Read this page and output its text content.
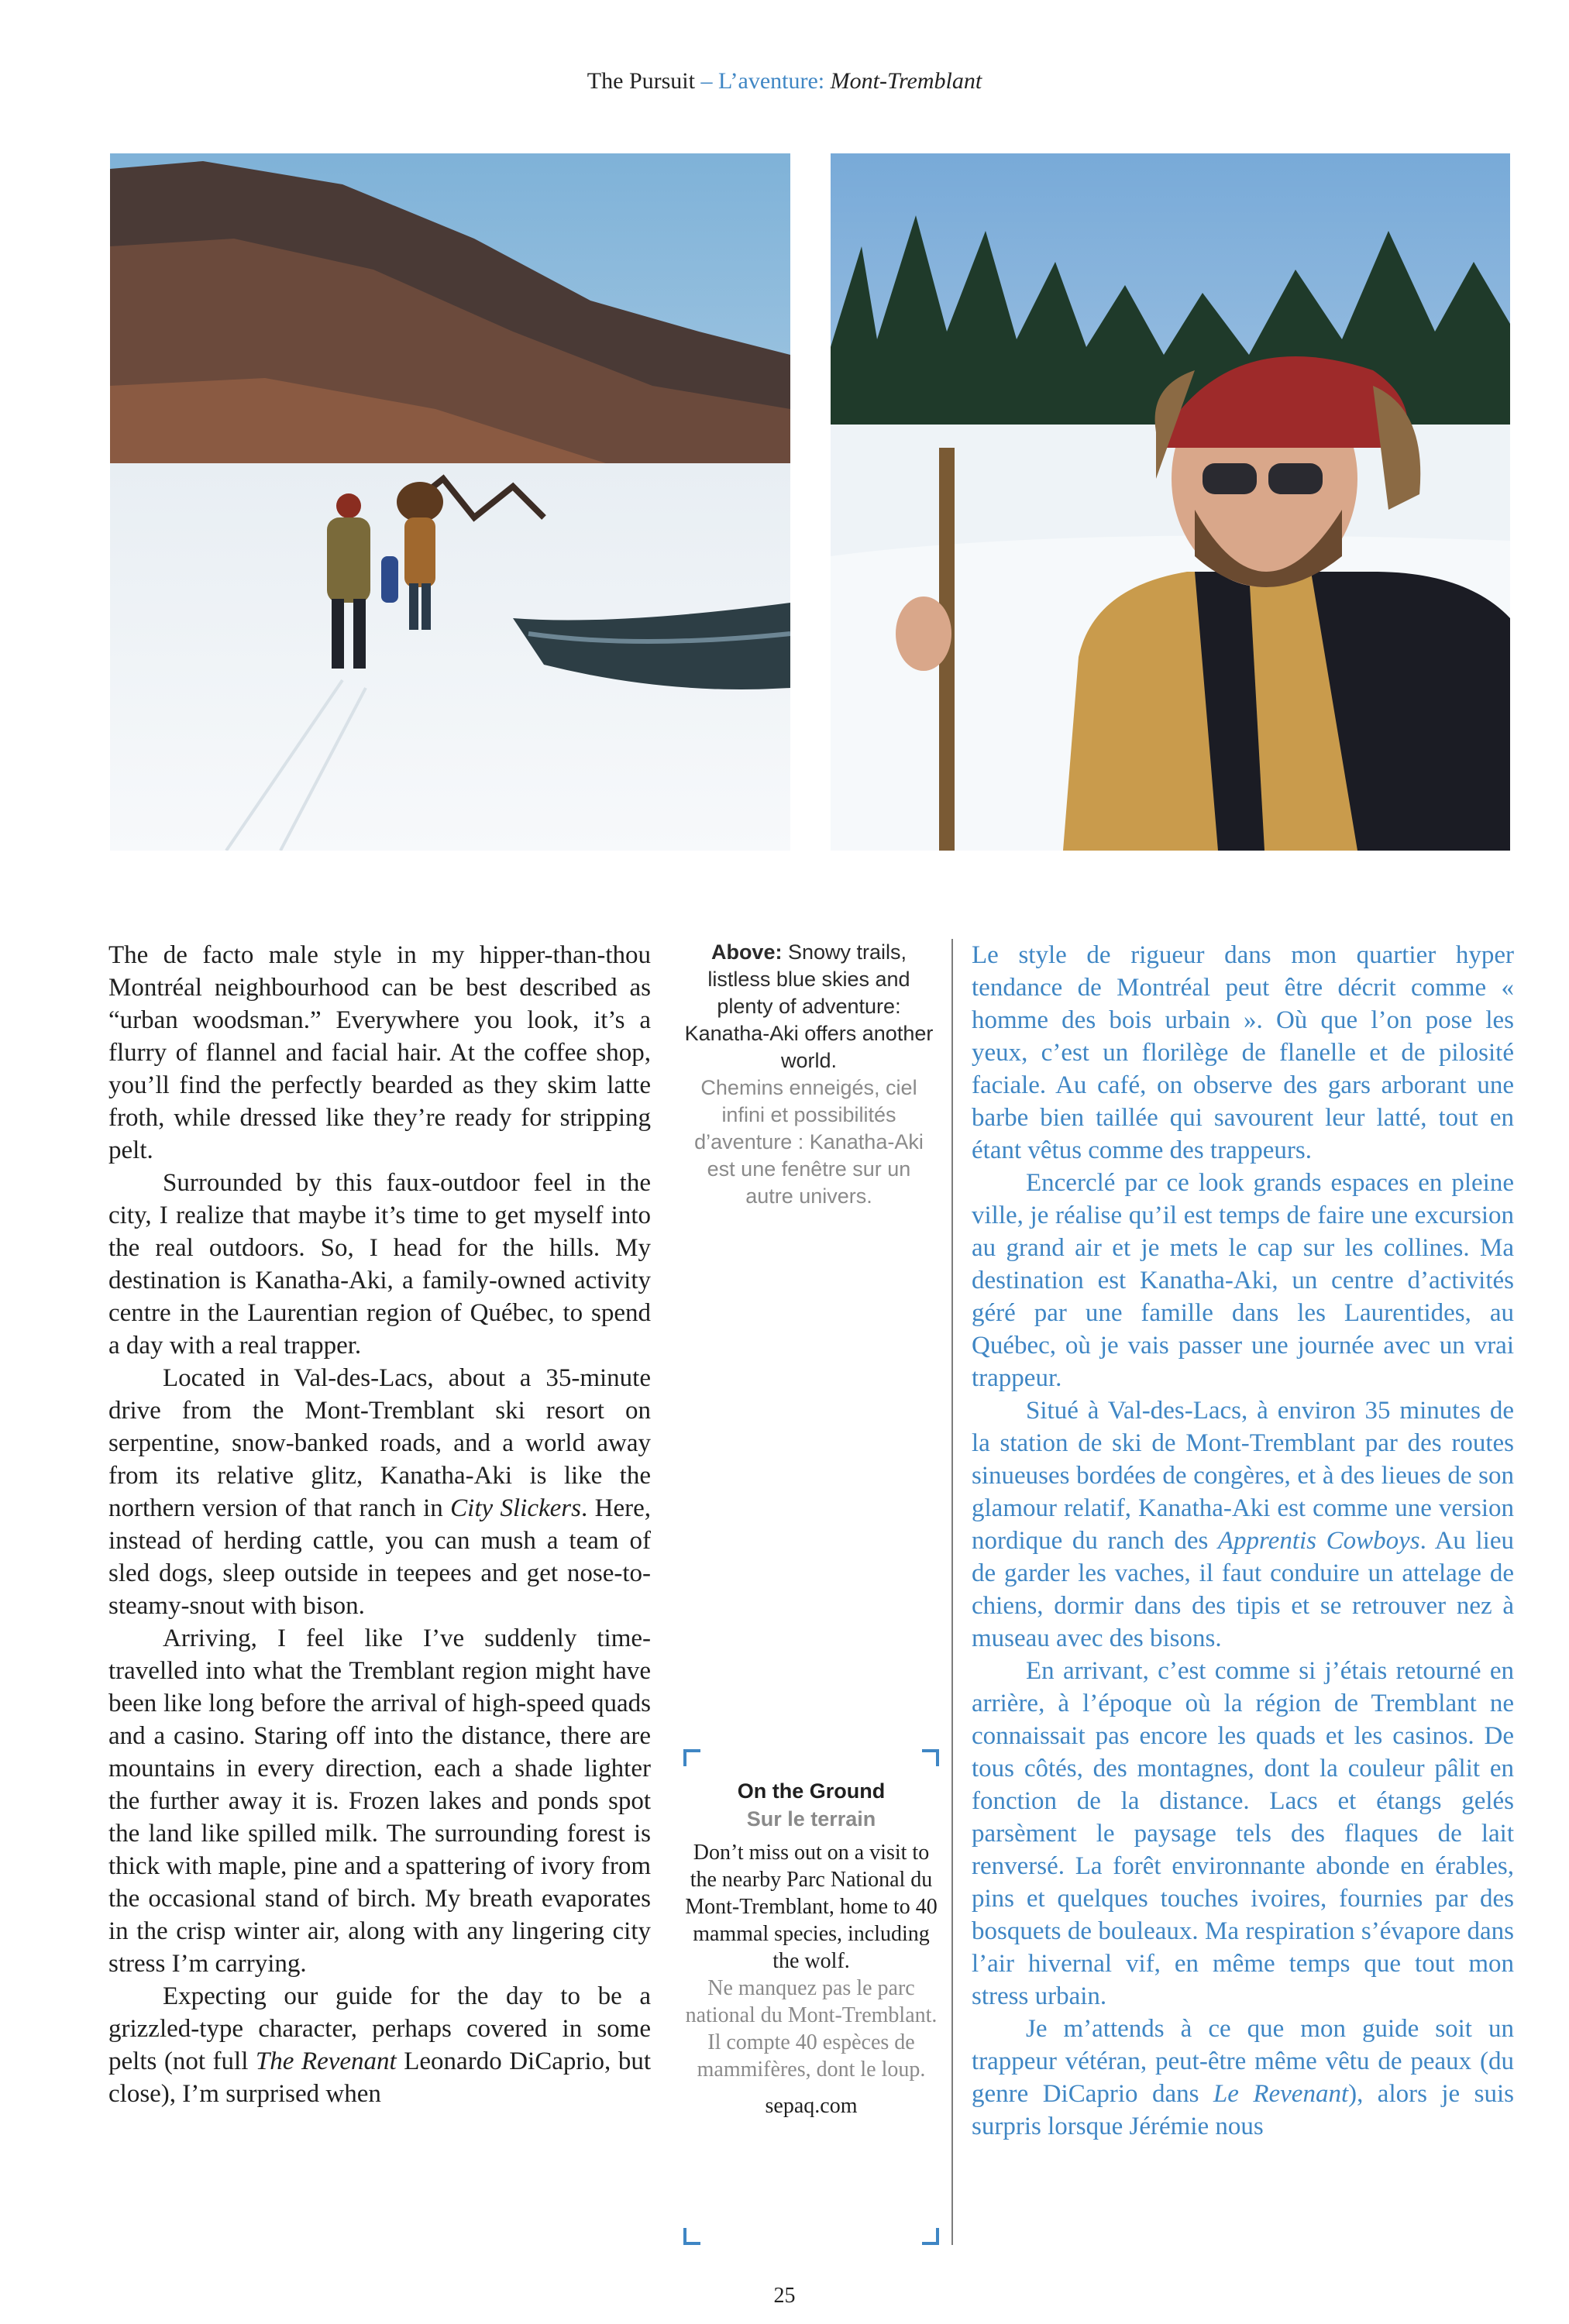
The Pursuit – L’aventure: Mont-Tremblant

The de facto male style in my hipper-than-thou Montréal neighbourhood can be best described as “urban woodsman.” Everywhere you look, it’s a flurry of flannel and facial hair. At the coffee shop, you’ll find the perfectly bearded as they skim latte froth, while dressed like they’re ready for stripping pelt.

Surrounded by this faux-outdoor feel in the city, I realize that maybe it’s time to get myself into the real outdoors. So, I head for the hills. My destination is Kanatha-Aki, a family-owned activity centre in the Laurentian region of Québec, to spend a day with a real trapper.

Located in Val-des-Lacs, about a 35-minute drive from the Mont-Tremblant ski resort on serpentine, snow-banked roads, and a world away from its relative glitz, Kanatha-Aki is like the northern version of that ranch in City Slickers. Here, instead of herding cattle, you can mush a team of sled dogs, sleep outside in teepees and get nose-to-steamy-snout with bison.

Arriving, I feel like I’ve suddenly time-travelled into what the Tremblant region might have been like long before the arrival of high-speed quads and a casino. Staring off into the distance, there are mountains in every direction, each a shade lighter the further away it is. Frozen lakes and ponds spot the land like spilled milk. The surrounding forest is thick with maple, pine and a spattering of ivory from the occasional stand of birch. My breath evaporates in the crisp winter air, along with any lingering city stress I’m carrying.

Expecting our guide for the day to be a grizzled-type character, perhaps covered in some pelts (not full The Revenant Leonardo DiCaprio, but close), I’m surprised when

Above: Snowy trails, listless blue skies and plenty of adventure: Kanatha-Aki offers another world.
Chemins enneigés, ciel infini et possibilités d’aventure : Kanatha-Aki est une fenêtre sur un autre univers.
On the Ground
Sur le terrain
Don’t miss out on a visit to the nearby Parc National du Mont-Tremblant, home to 40 mammal species, including the wolf.
Ne manquez pas le parc national du Mont-Tremblant. Il compte 40 espèces de mammifères, dont le loup.
sepaq.com

Le style de rigueur dans mon quartier hyper tendance de Montréal peut être décrit comme « homme des bois urbain ». Où que l’on pose les yeux, c’est un florilège de flanelle et de pilosité faciale. Au café, on observe des gars arborant une barbe bien taillée qui savourent leur latté, tout en étant vêtus comme des trappeurs.

Encerclé par ce look grands espaces en pleine ville, je réalise qu’il est temps de faire une excursion au grand air et je mets le cap sur les collines. Ma destination est Kanatha-Aki, un centre d’activités géré par une famille dans les Laurentides, au Québec, où je vais passer une journée avec un vrai trappeur.

Situé à Val-des-Lacs, à environ 35 minutes de la station de ski de Mont-Tremblant par des routes sinueuses bordées de congères, et à des lieues de son glamour relatif, Kanatha-Aki est comme une version nordique du ranch des Apprentis Cowboys. Au lieu de garder les vaches, il faut conduire un attelage de chiens, dormir dans des tipis et se retrouver nez à museau avec des bisons.

En arrivant, c’est comme si j’étais retourné en arrière, à l’époque où la région de Tremblant ne connaissait pas encore les quads et les casinos. De tous côtés, des montagnes, dont la couleur pâlit en fonction de la distance. Lacs et étangs gelés parsèment le paysage tels des flaques de lait renversé. La forêt environnante abonde en érables, pins et quelques touches ivoires, fournies par des bosquets de bouleaux. Ma respiration s’évapore dans l’air hivernal vif, en même temps que tout mon stress urbain.

Je m’attends à ce que mon guide soit un trappeur vétéran, peut-être même vêtu de peaux (du genre DiCaprio dans Le Revenant), alors je suis surpris lorsque Jérémie nous

25
